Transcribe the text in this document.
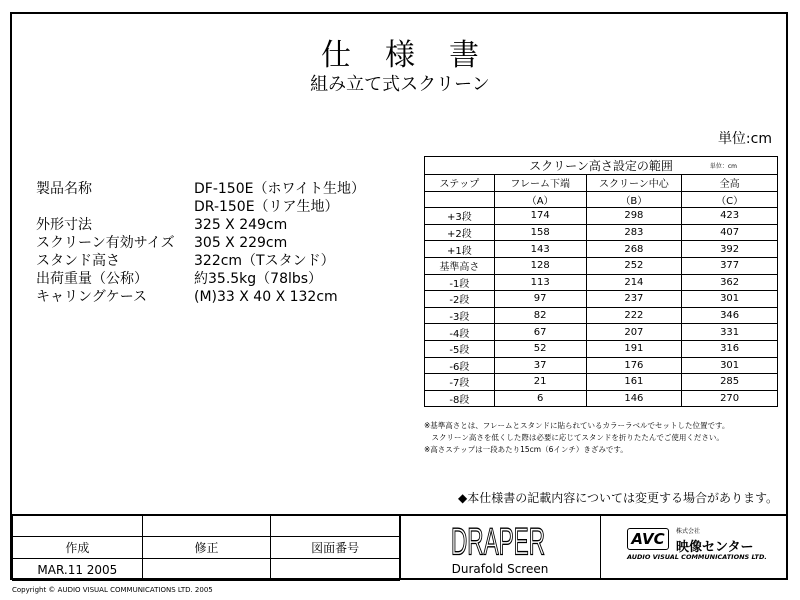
仕様書
組み立て式スクリーン
単位:cm
製品名称	DF-150E（ホワイト生地）
DR-150E（リア生地）
外形寸法	325 X 249cm
スクリーン有効サイズ	305 X 229cm
スタンド高さ	322cm（Tスタンド）
出荷重量（公称）	約35.5kg（78lbs）
キャリングケース	(M)33 X 40 X 132cm
スクリーン高さ設定の範囲 単位：cm			

ステップ	フレーム下端	スクリーン中心	全高
	（A）	（B）	（C）
+3段	174	298	423
+2段	158	283	407
+1段	143	268	392
基準高さ	128	252	377
-1段	113	214	362
-2段	97	237	301
-3段	82	222	346
-4段	67	207	331
-5段	52	191	316
-6段	37	176	301
-7段	21	161	285
-8段	6	146	270
※基準高さとは、フレームとスタンドに貼られているカラーラベルでセットした位置です。
　スクリーン高さを低くした際は必要に応じてスタンドを折りたたんでご使用ください。
※高さステップは一段あたり15cm（6インチ）きざみです。
◆本仕様書の記載内容については変更する場合があります。

作成	修正	図面番号
MAR.11 2005		
DRAPER
Durafold Screen
AVC	株式会社
映像センター
AUDIO VISUAL COMMUNICATIONS LTD.
Copyright © AUDIO VISUAL COMMUNICATIONS LTD. 2005
